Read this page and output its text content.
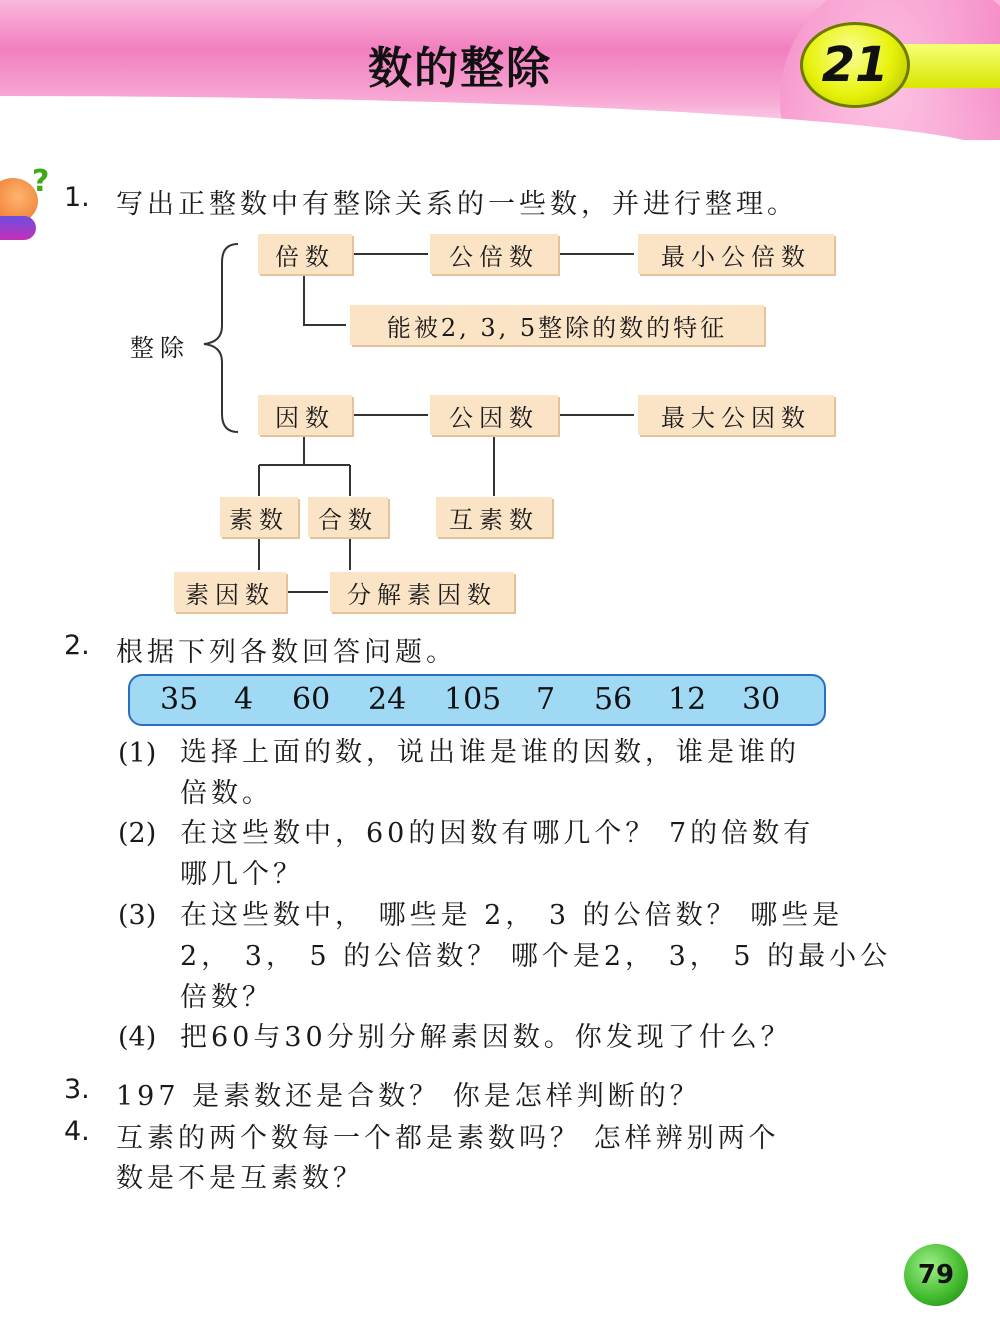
数的整除	21
? 1. 写出正整数中有整除关系的一些数，并进行整理。
整除
倍数	公倍数	最小公倍数
能被2, 3, 5整除的数的特征
因数	公因数	最大公因数
素数	合数	互素数
素因数	分解素因数
2. 根据下列各数回答问题。
35 4 60 24 105 7 56 12 30
(1) 选择上面的数，说出谁是谁的因数，谁是谁的
倍数。
(2) 在这些数中，60的因数有哪几个？ 7的倍数有
哪几个？
(3) 在这些数中， 哪些是 2， 3 的公倍数？ 哪些是
2， 3， 5 的公倍数？ 哪个是2， 3， 5 的最小公
倍数？
(4) 把60与30分别分解素因数。你发现了什么？
3. 197 是素数还是合数？ 你是怎样判断的？
4. 互素的两个数每一个都是素数吗？ 怎样辨别两个
数是不是互素数？
79
